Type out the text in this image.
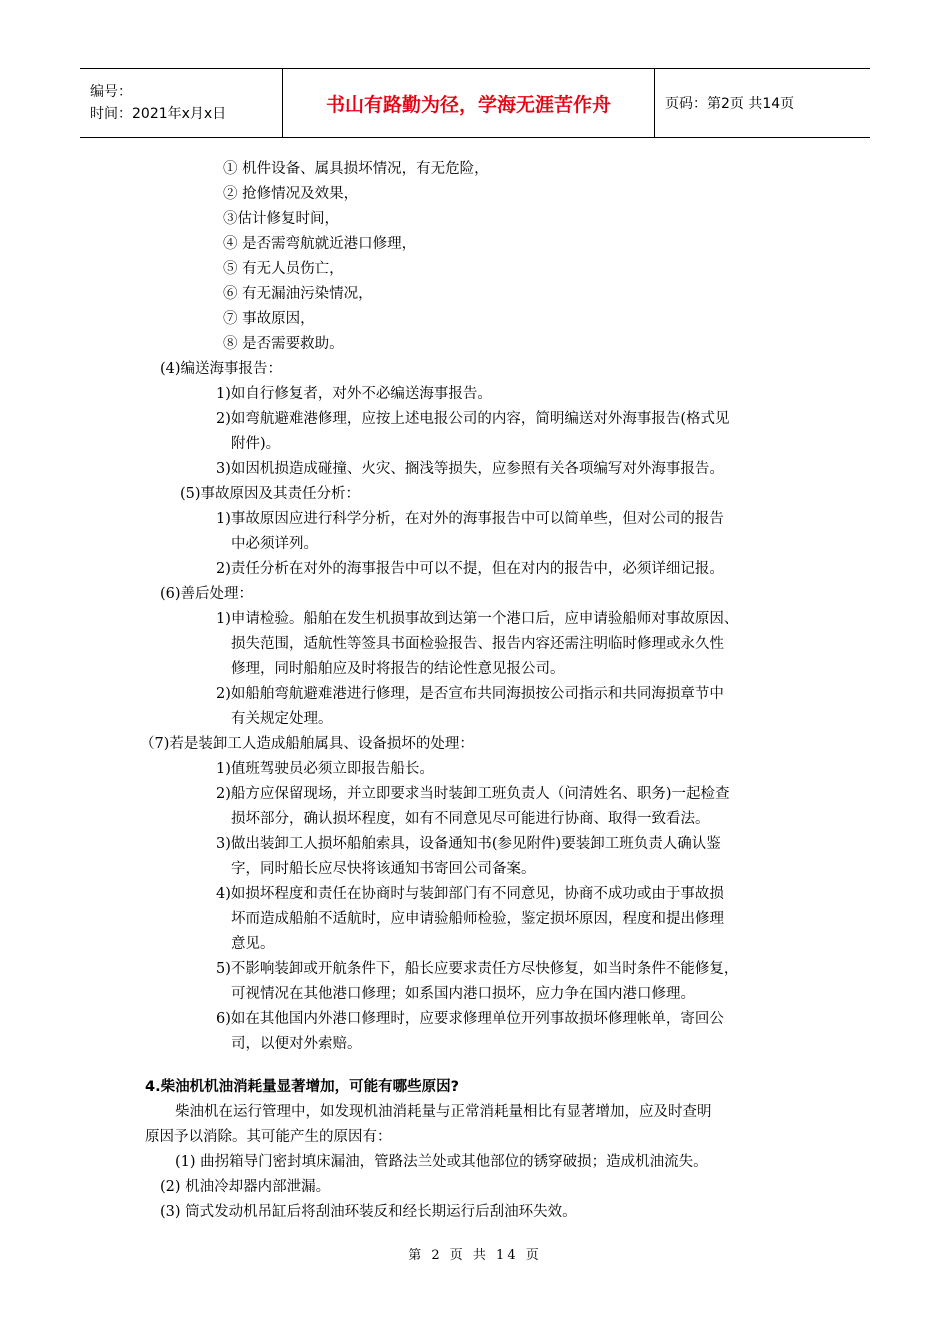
编号：
时间：2021年x月x日	书山有路勤为径，学海无涯苦作舟	页码：第2页 共14页
① 机件设备、属具损坏情况，有无危险，
② 抢修情况及效果，
③估计修复时间，
④ 是否需弯航就近港口修理，
⑤ 有无人员伤亡，
⑥ 有无漏油污染情况，
⑦ 事故原因，
⑧ 是否需要救助。
(4)编送海事报告：
1)如自行修复者，对外不必编送海事报告。
2)如弯航避难港修理，应按上述电报公司的内容，简明编送对外海事报告(格式见
附件)。
3)如因机损造成碰撞、火灾、搁浅等损失，应参照有关各项编写对外海事报告。
(5)事故原因及其责任分析：
1)事故原因应进行科学分析，在对外的海事报告中可以简单些，但对公司的报告
中必须详列。
2)责任分析在对外的海事报告中可以不提，但在对内的报告中，必须详细记报。
(6)善后处理：
1)申请检验。船舶在发生机损事故到达第一个港口后，应申请验船师对事故原因、
损失范围，适航性等签具书面检验报告、报告内容还需注明临时修理或永久性
修理，同时船舶应及时将报告的结论性意见报公司。
2)如船舶弯航避难港进行修理，是否宣布共同海损按公司指示和共同海损章节中
有关规定处理。
（7)若是装卸工人造成船舶属具、设备损坏的处理：
1)值班驾驶员必须立即报告船长。
2)船方应保留现场，并立即要求当时装卸工班负责人（问清姓名、职务)一起检查
损坏部分，确认损坏程度，如有不同意见尽可能进行协商、取得一致看法。
3)做出装卸工人损坏船舶索具，设备通知书(参见附件)要装卸工班负责人确认鉴
字，同时船长应尽快将该通知书寄回公司备案。
4)如损坏程度和责任在协商时与装卸部门有不同意见，协商不成功或由于事故损
坏而造成船舶不适航时，应申请验船师检验，鉴定损坏原因，程度和提出修理
意见。
5)不影响装卸或开航条件下，船长应要求责任方尽快修复，如当时条件不能修复，
可视情况在其他港口修理；如系国内港口损坏，应力争在国内港口修理。
6)如在其他国内外港口修理时，应要求修理单位开列事故损坏修理帐单，寄回公
司，以便对外索赔。
4.柴油机机油消耗量显著增加，可能有哪些原因?
柴油机在运行管理中，如发现机油消耗量与正常消耗量相比有显著增加，应及时查明
原因予以消除。其可能产生的原因有：
(1) 曲拐箱导门密封填床漏油，管路法兰处或其他部位的锈穿破损；造成机油流失。
(2) 机油冷却器内部泄漏。
(3) 筒式发动机吊缸后将刮油环装反和经长期运行后刮油环失效。
第 2 页 共 14 页
